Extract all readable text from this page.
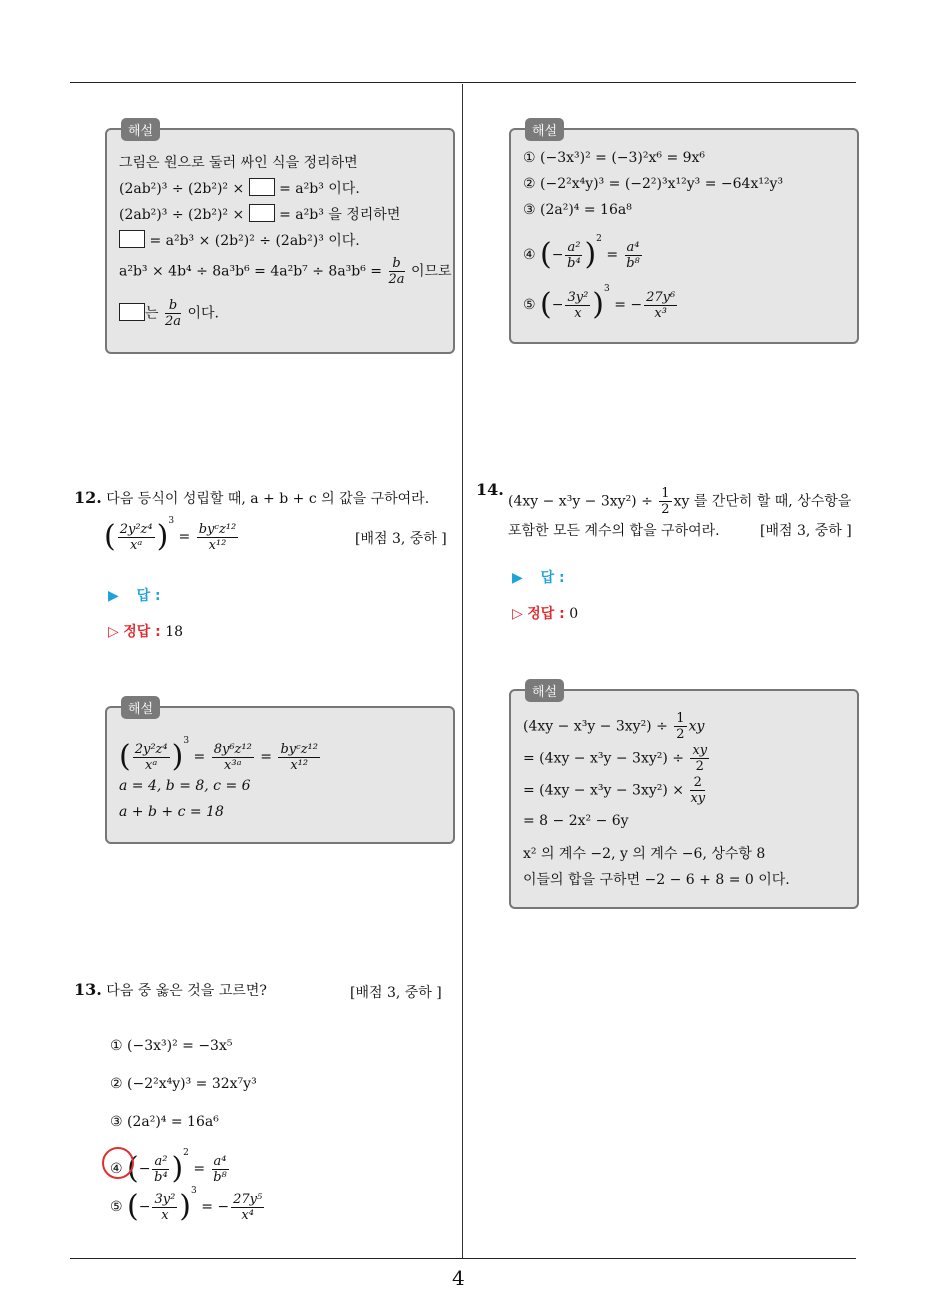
해설
그림은 원으로 둘러 싸인 식을 정리하면
(2ab²)³ ÷ (2b²)² × = a²b³ 이다.
(2ab²)³ ÷ (2b²)² × = a²b³ 을 정리하면
= a²b³ × (2b²)² ÷ (2ab²)³ 이다.
$a^2b^3 \times 4b^4 \div 8a^3b^6 = 4a^2b^7 \div 8a^3b^6 = \frac{b}{2a}$ 이므로
는 $\frac{b}{2a}$ 이다.
해설
① (−3x³)² = (−3)²x⁶ = 9x⁶
② (−2²x⁴y)³ = (−2²)³x¹²y³ = −64x¹²y³
③ (2a²)⁴ = 16a⁸
④ (− $\frac{\text{a²}}{\text{b⁴}} )^2 = \frac{\text{a⁴}}{\text{b⁸}}$
⑤ (− $\frac{\text{3y²}}{x} )^3$ = − $\frac{\text{27y⁶}}{\text{x³}}$
12. 다음 등식이 성립할 때, a + b + c 의 값을 구하여라.
( $\frac{\text{2y²z⁴}}{\text{xᵃ}} )^3 = \frac{\text{byᶜz¹²}}{\text{x¹²}}$	[배점 3, 중하 ]
▶ 답 :
▷ 정답 : 18
해설
( $\frac{\text{2y²z⁴}}{\text{xᵃ}} )^3 = \frac{\text{8y⁶z¹²}}{\text{x³ᵃ}} = \frac{\text{byᶜz¹²}}{\text{x¹²}}$
a = 4, b = 8, c = 6
a + b + c = 18
13. 다음 중 옳은 것을 고르면?	[배점 3, 중하 ]
① (−3x³)² = −3x⁵
② (−2²x⁴y)³ = 32x⁷y³
③ (2a²)⁴ = 16a⁶
④ (− $\frac{\text{a²}}{\text{b⁴}} )^2 = \frac{\text{a⁴}}{\text{b⁸}}$
⑤ (− $\frac{\text{3y²}}{x} )^3$ = − $\frac{\text{27y⁵}}{\text{x⁴}}$
14.
$(4xy - x^3y - 3xy^2) \div \frac{1}{2}$ xy 를 간단히 할 때, 상수항을
포함한 모든 계수의 합을 구하여라.	[배점 3, 중하 ]
▶ 답 :
▷ 정답 : 0
해설
$(4xy - x^3y - 3xy^2) \div \frac{1}{2}$ xy
= $(4xy - x^3y - 3xy^2) \div \frac{xy}{2}$
= $(4xy - x^3y - 3xy^2) \times \frac{2}{xy}$
= 8 − 2x² − 6y
x² 의 계수 −2, y 의 계수 −6, 상수항 8
이들의 합을 구하면 −2 − 6 + 8 = 0 이다.
4
